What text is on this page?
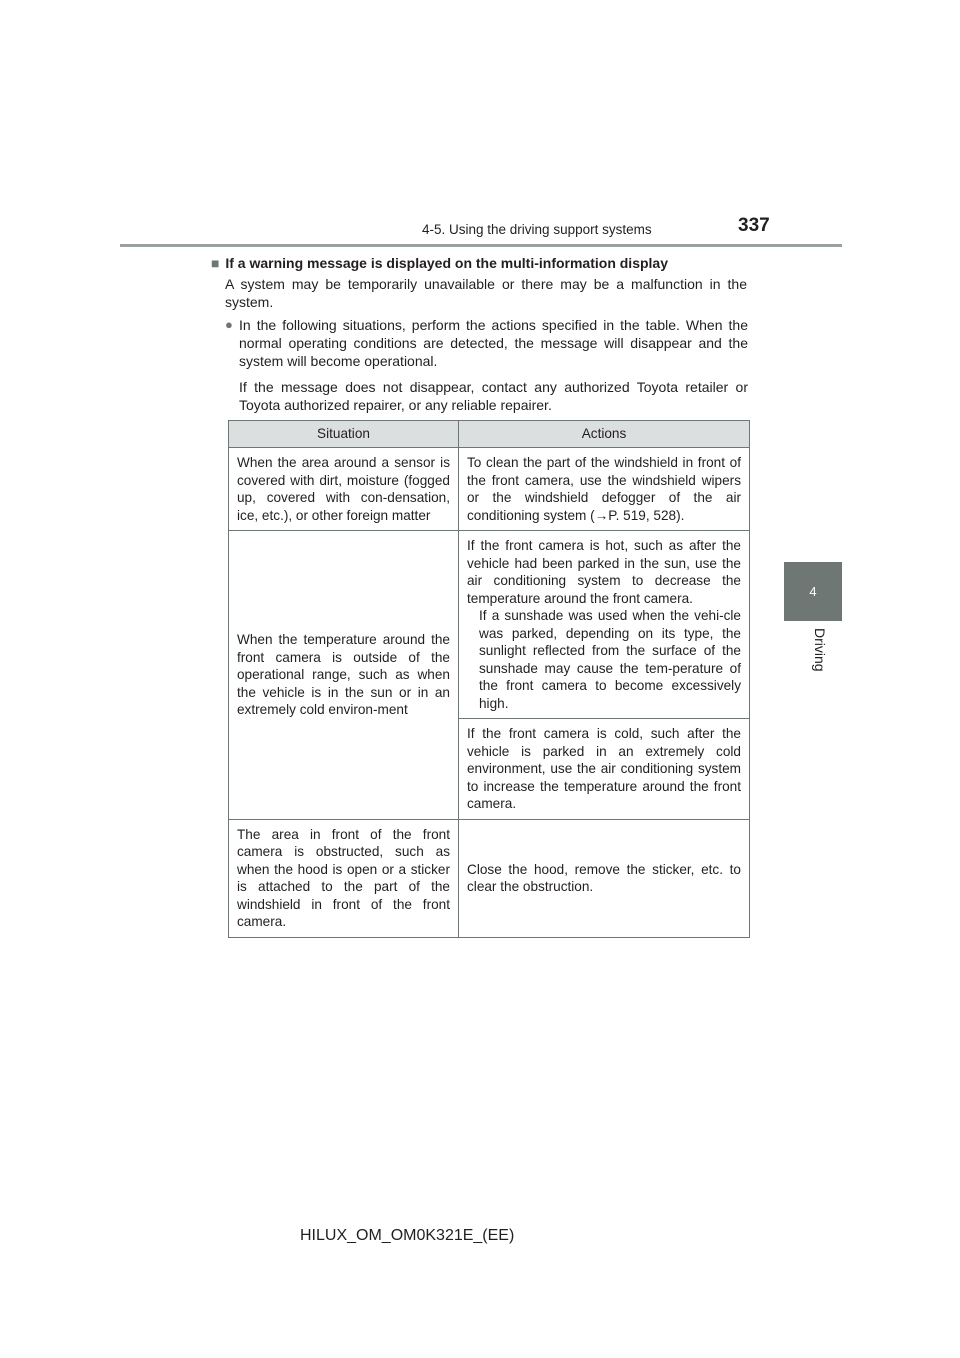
4-5. Using the driving support systems	337
4
Driving
■ If a warning message is displayed on the multi-information display
A system may be temporarily unavailable or there may be a malfunction in the system.
● In the following situations, perform the actions specified in the table. When the normal operating conditions are detected, the message will disappear and the system will become operational.

If the message does not disappear, contact any authorized Toyota retailer or Toyota authorized repairer, or any reliable repairer.

Situation	Actions
When the area around a sensor is covered with dirt, moisture (fogged up, covered with con-densation, ice, etc.), or other foreign matter	To clean the part of the windshield in front of the front camera, use the windshield wipers or the windshield defogger of the air conditioning system (→P. 519, 528).
When the temperature around the front camera is outside of the operational range, such as when the vehicle is in the sun or in an extremely cold environ-ment	If the front camera is hot, such as after the vehicle had been parked in the sun, use the air conditioning system to decrease the temperature around the front camera.
If a sunshade was used when the vehi-cle was parked, depending on its type, the sunlight reflected from the surface of the sunshade may cause the tem-perature of the front camera to become excessively high.

	If the front camera is cold, such after the vehicle is parked in an extremely cold environment, use the air conditioning system to increase the temperature around the front camera.
The area in front of the front camera is obstructed, such as when the hood is open or a sticker is attached to the part of the windshield in front of the front camera.	Close the hood, remove the sticker, etc. to clear the obstruction.
HILUX_OM_OM0K321E_(EE)
